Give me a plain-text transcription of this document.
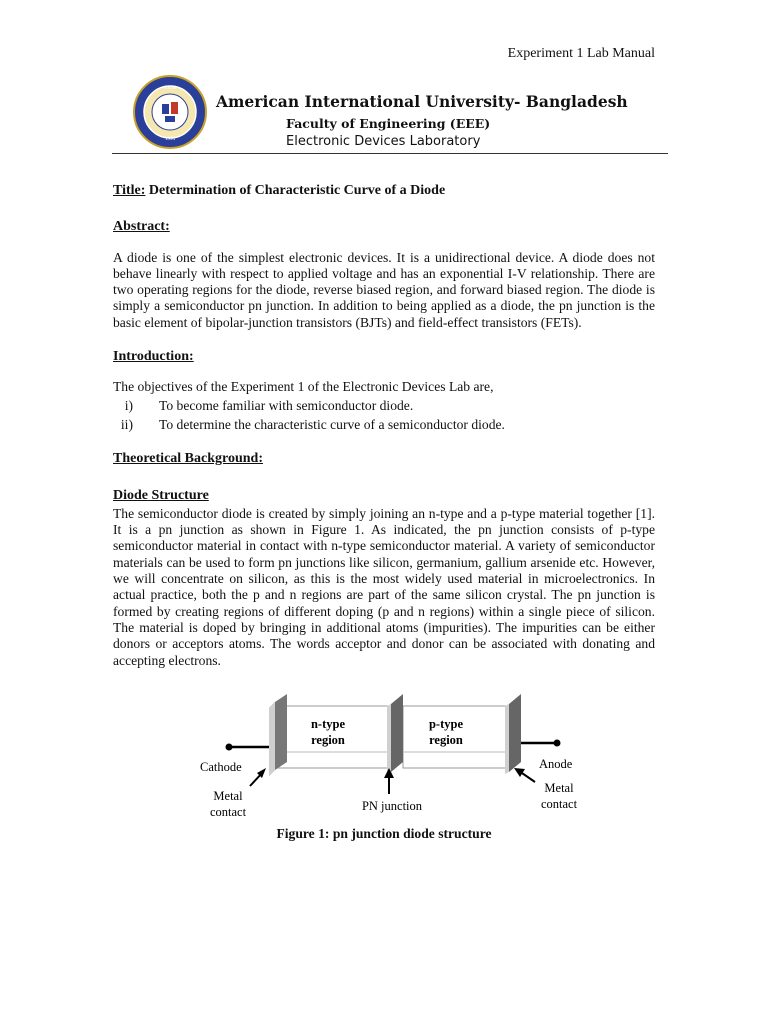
Experiment 1 Lab Manual
AIUB
1994
American International University- Bangladesh
Faculty of Engineering (EEE)
Electronic Devices Laboratory
Title: Determination of Characteristic Curve of a Diode
Abstract:

A diode is one of the simplest electronic devices. It is a unidirectional device. A diode does not behave linearly with respect to applied voltage and has an exponential I-V relationship. There are two operating regions for the diode, reverse biased region, and forward biased region. The diode is simply a semiconductor pn junction. In addition to being applied as a diode, the pn junction is the basic element of bipolar-junction transistors (BJTs) and field-effect transistors (FETs).

Introduction:

The objectives of the Experiment 1 of the Electronic Devices Lab are,

i) To become familiar with semiconductor diode.
ii) To determine the characteristic curve of a semiconductor diode.
Theoretical Background:
Diode Structure

The semiconductor diode is created by simply joining an n-type and a p-type material together [1]. It is a pn junction as shown in Figure 1. As indicated, the pn junction consists of p-type semiconductor material in contact with n-type semiconductor material. A variety of semiconductor materials can be used to form pn junctions like silicon, germanium, gallium arsenide etc. However, we will concentrate on silicon, as this is the most widely used material in microelectronics. In actual practice, both the p and n regions are part of the same silicon crystal. The pn junction is formed by creating regions of different doping (p and n regions) within a single piece of silicon. The material is doped by bringing in additional atoms (impurities). The impurities can be either donors or acceptors atoms. The words acceptor and donor can be associated with donating and accepting electrons.

n-type
region
p-type
region
Cathode	Anode
Metal
contact	PN junction
Metal
contact
Figure 1: pn junction diode structure
